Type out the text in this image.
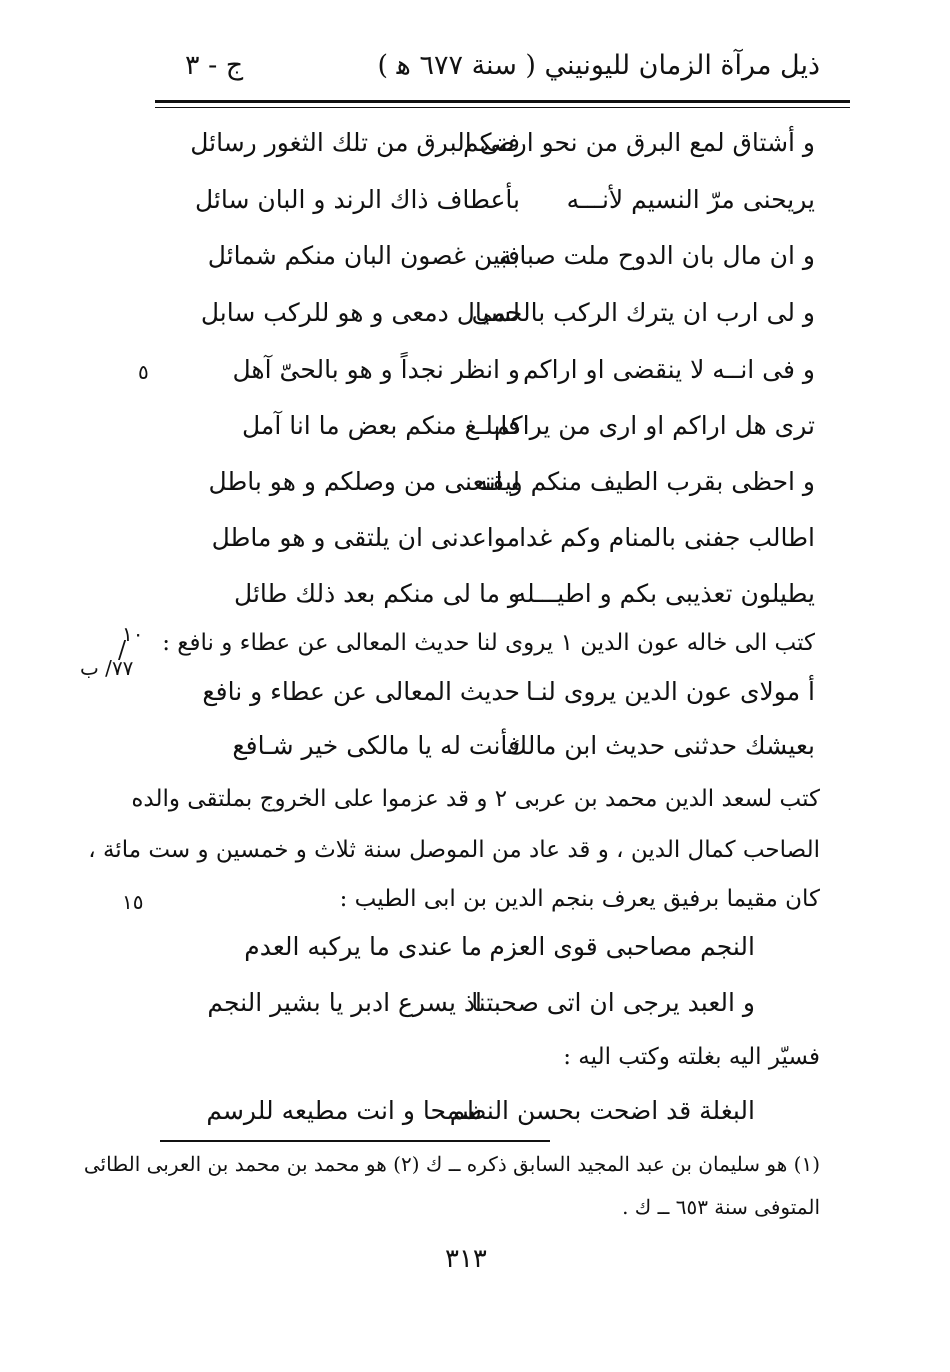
ذيل مرآة الزمان لليونيني ( سنة ٦٧٧ ﻫ )
ج - ٣
و أشتاق لمع البرق من نحو ارضكم
فنى البرق من تلك الثغور رسائل
يريحنى مرّ النسيم لأنـــه
بأعطاف ذاك الرند و البان سائل
و ان مال بان الدوح ملت صبابة
فبين غصون البان منكم شمائل
و لى ارب ان يترك الركب بالحمى
لسيال دمعى و هو للركب سابل
و فى انــه لا ينقضى او اراكم
و انظر نجداً و هو بالحىّ آهل
ترى هل اراكم او ارى من يراكم
فابلـغ منكم بعض ما انا آمل
و احظى بقرب الطيف منكم و انه
ليقنعنى من وصلكم و هو باطل
اطالب جفنى بالمنام وكم غدا
مواعدنى ان يلتقى و هو ماطل
يطيلون تعذيبى بكم و اطيـــله
و ما لى منكم بعد ذلك طائل
كتب الى خاله عون الدين ١ يروى لنا حديث المعالى عن عطاء و نافع :
/
أ مولاى عون الدين يروى لنـا
حديث المعالى عن عطاء و نافع
بعيشك حدثنى حديث ابن مالك
فأنت له يا مالكى خير شـافع
كتب لسعد الدين محمد بن عربى ٢ و قد عزموا على الخروج بملتقى والده
الصاحب كمال الدين ، و قد عاد من الموصل سنة ثلاث و خمسين و ست مائة ،
كان مقيما برفيق يعرف بنجم الدين بن ابى الطيب :
النجم مصاحبى قوى العزم
ما عندى ما يركبه العدم
و العبد يرجى ان اتى صحبتنا
اذ يسرع ادبر يا بشير النجم
فسيّر اليه بغلته وكتب اليه :
البغلة قد اضحت بحسن النظم
سمحا و انت مطيعه للرسم
٥
١٠
٧٧/ ب
١٥
(١) هو سليمان بن عبد المجيد السابق ذكره ــ ك (٢) هو محمد بن محمد بن العربى الطائى
المتوفى سنة ٦٥٣ ــ ك .
٣١٣
